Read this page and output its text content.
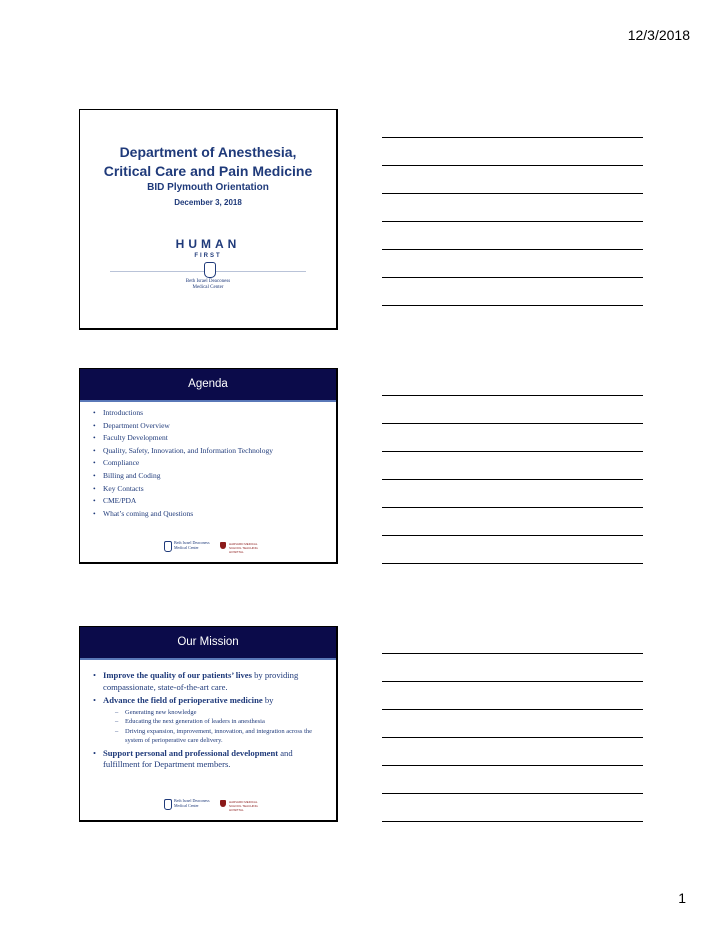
12/3/2018
Department of Anesthesia,
Critical Care and Pain Medicine
BID Plymouth Orientation
December 3, 2018
HUMAN
FIRST
Beth Israel Deaconess
Medical Center
Agenda
• Introductions
• Department Overview
• Faculty Development
• Quality, Safety, Innovation, and Information Technology
• Compliance
• Billing and Coding
• Key Contacts
• CME/PDA
• What’s coming and Questions
Beth Israel Deaconess
Medical Center
HARVARD MEDICAL SCHOOL TEACHING HOSPITAL
Our Mission
• Improve the quality of our patients’ lives by providing compassionate, state-of-the-art care.
• Advance the field of perioperative medicine by
– Generating new knowledge
– Educating the next generation of leaders in anesthesia
– Driving expansion, improvement, innovation, and integration across the system of perioperative care delivery.
• Support personal and professional development and fulfillment for Department members.
Beth Israel Deaconess
Medical Center
HARVARD MEDICAL SCHOOL TEACHING HOSPITAL
1
